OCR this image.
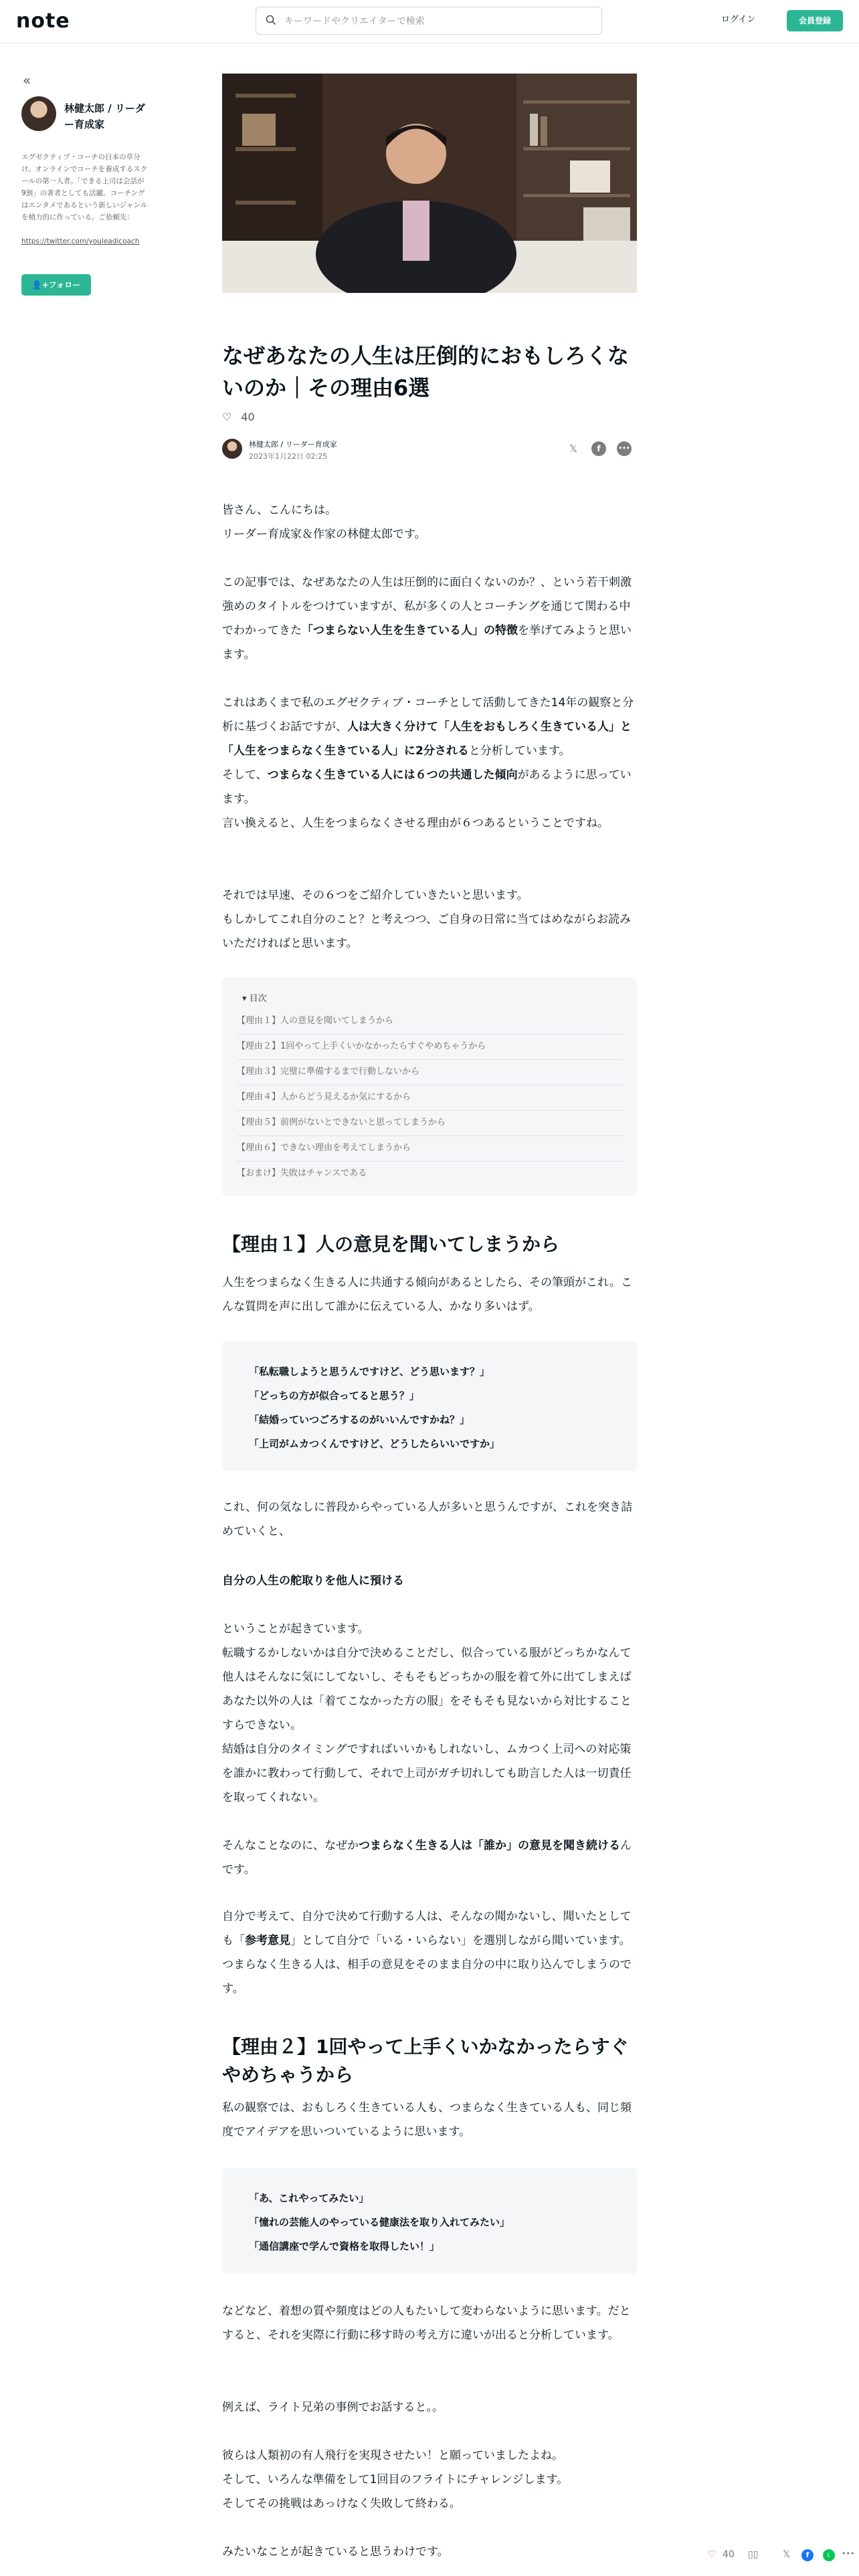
note
キーワードやクリエイターで検索	ログイン	会員登録
«
林健太郎 / リーダー育成家
エグゼクティブ・コーチの日本の草分け。オンラインでコーチを養成するスクールの第一人者。「できる上司は会話が9割」の著者としても活躍。コーチングはエンタメであるという新しいジャンルを積力的に作っている。ご依頼先：
https://twitter.com/youleadicoach
👤+フォロー
なぜあなたの人生は圧倒的におもしろくないのか｜その理由6選
♡ 40
林健太郎 / リーダー育成家
2023年1月22日 02:25
𝕏	f	•••

皆さん、こんにちは。
リーダー育成家＆作家の林健太郎です。

この記事では、なぜあなたの人生は圧倒的に面白くないのか？、という若干刺激強めのタイトルをつけていますが、私が多くの人とコーチングを通じて関わる中でわかってきた「つまらない人生を生きている人」の特徴を挙げてみようと思います。

これはあくまで私のエグゼクティブ・コーチとして活動してきた14年の観察と分析に基づくお話ですが、人は大きく分けて「人生をおもしろく生きている人」と「人生をつまらなく生きている人」に2分されると分析しています。
そして、つまらなく生きている人には６つの共通した傾向があるように思っています。
言い換えると、人生をつまらなくさせる理由が６つあるということですね。

それでは早速、その６つをご紹介していきたいと思います。
もしかしてこれ自分のこと？と考えつつ、ご自身の日常に当てはめながらお読みいただければと思います。

▾ 目次
【理由１】人の意見を聞いてしまうから
【理由２】1回やって上手くいかなかったらすぐやめちゃうから
【理由３】完璧に準備するまで行動しないから
【理由４】人からどう見えるか気にするから
【理由５】前例がないとできないと思ってしまうから
【理由６】できない理由を考えてしまうから
【おまけ】失敗はチャンスである
【理由１】人の意見を聞いてしまうから

人生をつまらなく生きる人に共通する傾向があるとしたら、その筆頭がこれ。こんな質問を声に出して誰かに伝えている人、かなり多いはず。

「私転職しようと思うんですけど、どう思います？」
「どっちの方が似合ってると思う？」
「結婚っていつごろするのがいいんですかね？」
「上司がムカつくんですけど、どうしたらいいですか」

これ、何の気なしに普段からやっている人が多いと思うんですが、これを突き詰めていくと、

自分の人生の舵取りを他人に預ける

ということが起きています。
転職するかしないかは自分で決めることだし、似合っている服がどっちかなんて他人はそんなに気にしてないし、そもそもどっちかの服を着て外に出てしまえばあなた以外の人は「着てこなかった方の服」をそもそも見ないから対比することすらできない。
結婚は自分のタイミングですればいいかもしれないし、ムカつく上司への対応策を誰かに教わって行動して、それで上司がガチ切れしても助言した人は一切責任を取ってくれない。

そんなことなのに、なぜかつまらなく生きる人は「誰か」の意見を聞き続けるんです。

自分で考えて、自分で決めて行動する人は、そんなの聞かないし、聞いたとしても「参考意見」として自分で「いる・いらない」を選別しながら聞いています。つまらなく生きる人は、相手の意見をそのまま自分の中に取り込んでしまうのです。

【理由２】1回やって上手くいかなかったらすぐやめちゃうから

私の観察では、おもしろく生きている人も、つまらなく生きている人も、同じ頻度でアイデアを思いついているように思います。

「あ、これやってみたい」
「憧れの芸能人のやっている健康法を取り入れてみたい」
「通信講座で学んで資格を取得したい！」

などなど、着想の質や頻度はどの人もたいして変わらないように思います。だとすると、それを実際に行動に移す時の考え方に違いが出ると分析しています。

例えば、ライト兄弟の事例でお話すると。。

彼らは人類初の有人飛行を実現させたい！と願っていましたよね。
そして、いろんな準備をして1回目のフライトにチャレンジします。
そしてその挑戦はあっけなく失敗して終わる。

みたいなことが起きていると思うわけです。	♡ 40 ▯▯	𝕏	f	L	•••
